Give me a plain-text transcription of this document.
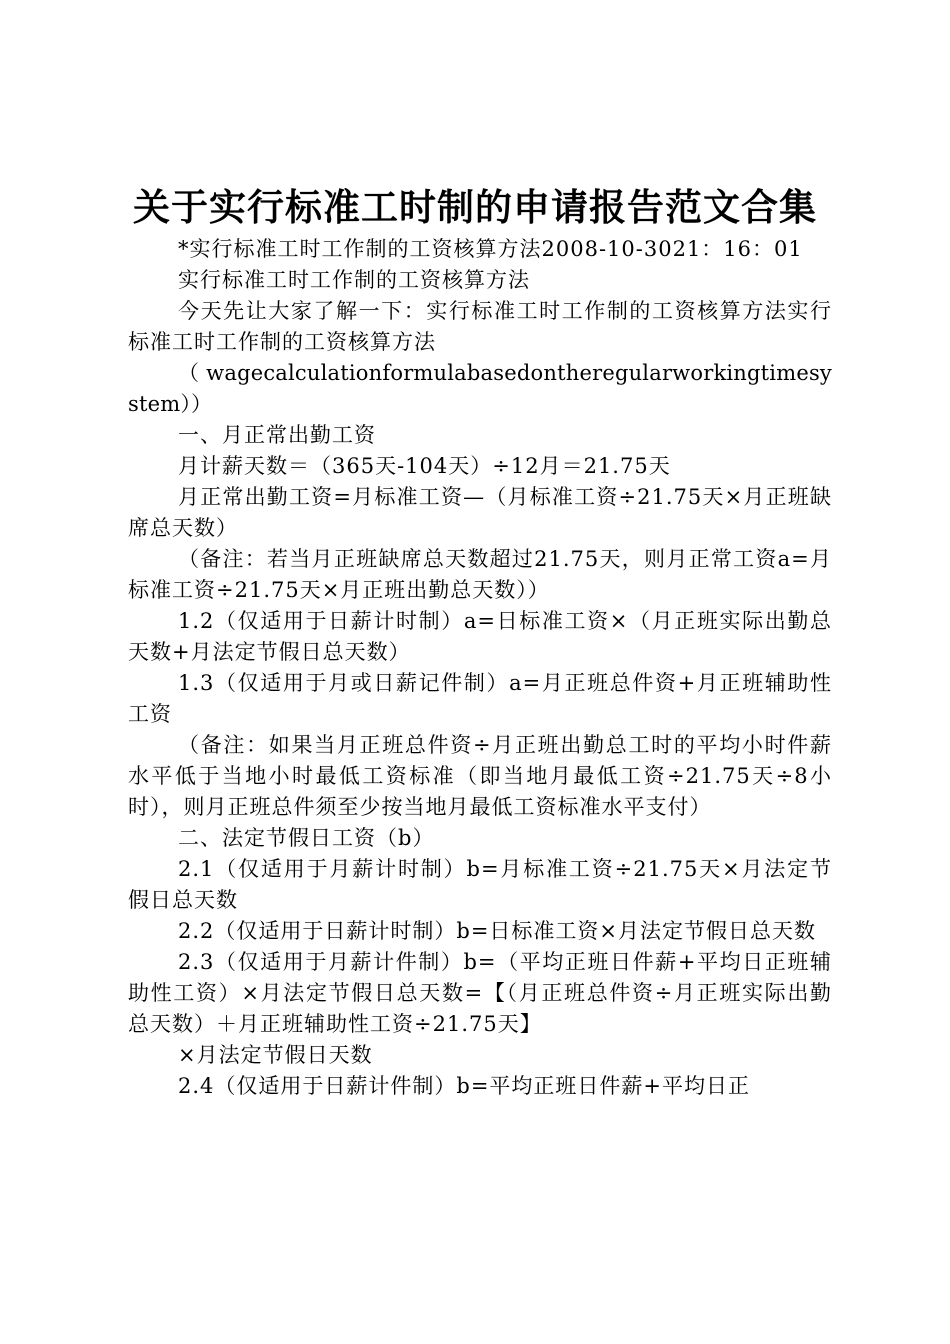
关于实行标准工时制的申请报告范文合集

*实行标准工时工作制的工资核算方法2008-10-3021：16：01

实行标准工时工作制的工资核算方法

今天先让大家了解一下：实行标准工时工作制的工资核算方法实行标准工时工作制的工资核算方法

（wagecalculationformulabasedontheregularworkingtimesystem））

一、月正常出勤工资

月计薪天数＝（365天-104天）÷12月＝21.75天

月正常出勤工资=月标准工资—（月标准工资÷21.75天×月正班缺席总天数）

（备注：若当月正班缺席总天数超过21.75天，则月正常工资a=月标准工资÷21.75天×月正班出勤总天数））

1.2（仅适用于日薪计时制）a=日标准工资×（月正班实际出勤总天数+月法定节假日总天数）

1.3（仅适用于月或日薪记件制）a=月正班总件资+月正班辅助性工资

（备注：如果当月正班总件资÷月正班出勤总工时的平均小时件薪水平低于当地小时最低工资标准（即当地月最低工资÷21.75天÷8小时），则月正班总件须至少按当地月最低工资标准水平支付）

二、法定节假日工资（b）

2.1（仅适用于月薪计时制）b=月标准工资÷21.75天×月法定节假日总天数

2.2（仅适用于日薪计时制）b=日标准工资×月法定节假日总天数

2.3（仅适用于月薪计件制）b=（平均正班日件薪+平均日正班辅助性工资）×月法定节假日总天数=【（月正班总件资÷月正班实际出勤总天数）＋月正班辅助性工资÷21.75天】

×月法定节假日天数

2.4（仅适用于日薪计件制）b=平均正班日件薪+平均日正
